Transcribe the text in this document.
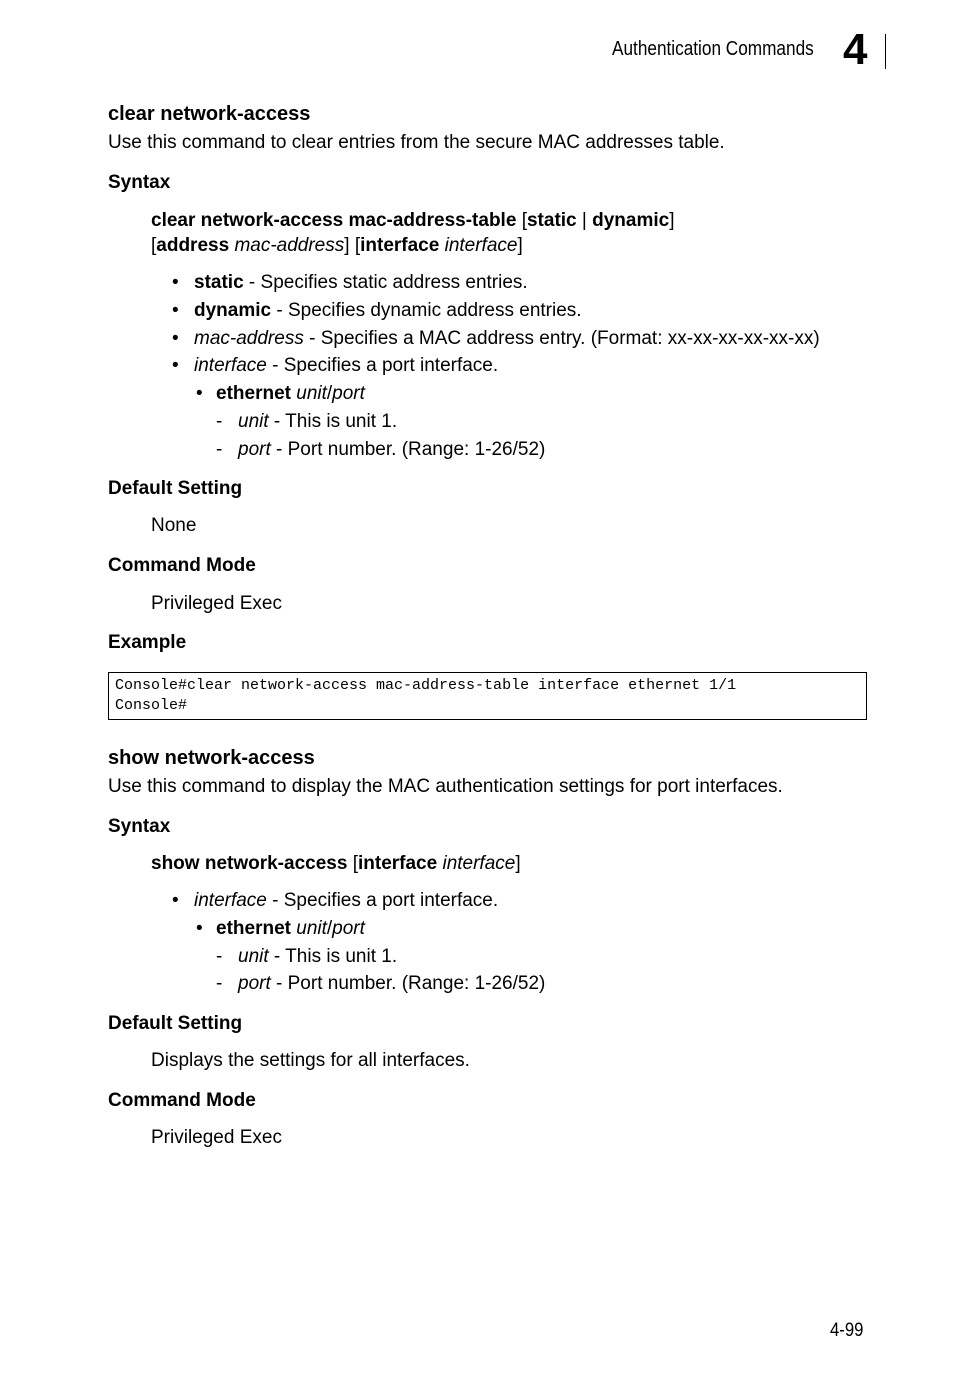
Authentication Commands 4
clear network-access
Use this command to clear entries from the secure MAC addresses table.
Syntax
clear network-access mac-address-table [static | dynamic]
[address mac-address] [interface interface]
• static - Specifies static address entries.
• dynamic - Specifies dynamic address entries.
• mac-address - Specifies a MAC address entry. (Format: xx-xx-xx-xx-xx-xx)
• interface - Specifies a port interface.
• ethernet unit/port
- unit - This is unit 1.
- port - Port number. (Range: 1-26/52)
Default Setting
None
Command Mode
Privileged Exec
Example
Console#clear network-access mac-address-table interface ethernet 1/1
Console#
show network-access
Use this command to display the MAC authentication settings for port interfaces.
Syntax
show network-access [interface interface]
• interface - Specifies a port interface.
• ethernet unit/port
- unit - This is unit 1.
- port - Port number. (Range: 1-26/52)
Default Setting
Displays the settings for all interfaces.
Command Mode
Privileged Exec
4-99
